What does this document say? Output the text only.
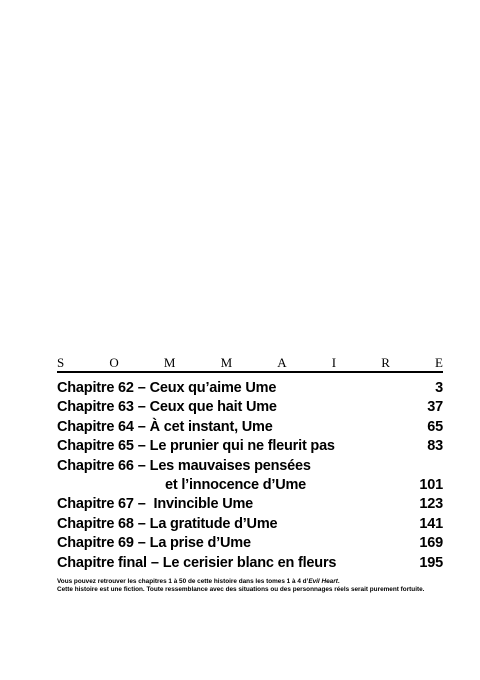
S	O	M	M	A	I	R	E
Chapitre 62 – Ceux qu’aime Ume	3
Chapitre 63 – Ceux que hait Ume	37
Chapitre 64 – À cet instant, Ume	65
Chapitre 65 – Le prunier qui ne fleurit pas	83
Chapitre 66 – Les mauvaises pensées
et l’innocence d’Ume	101
Chapitre 67 – Invincible Ume	123
Chapitre 68 – La gratitude d’Ume	141
Chapitre 69 – La prise d’Ume	169
Chapitre final – Le cerisier blanc en fleurs	195
Vous pouvez retrouver les chapitres 1 à 50 de cette histoire dans les tomes 1 à 4 d’Evil Heart.
Cette histoire est une fiction. Toute ressemblance avec des situations ou des personnages réels serait purement fortuite.
